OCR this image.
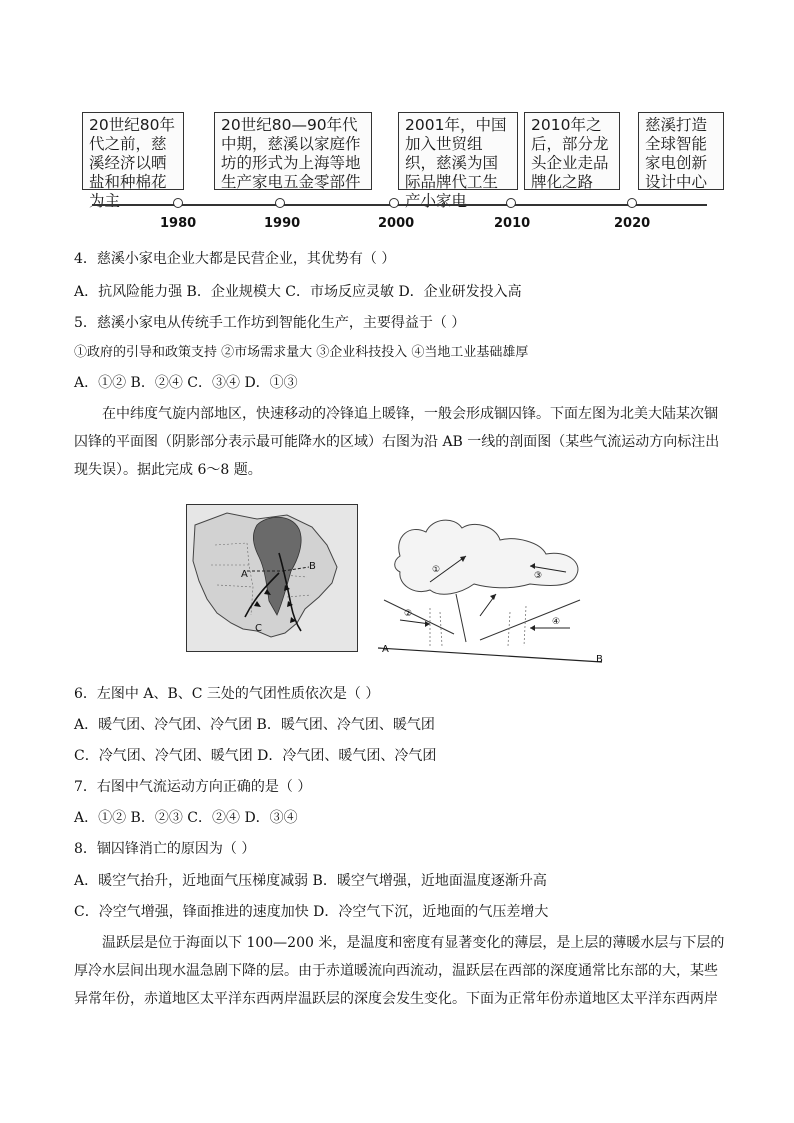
20世纪80年代之前，慈溪经济以晒盐和种棉花为主
20世纪80—90年代中期，慈溪以家庭作坊的形式为上海等地生产家电五金零部件
2001年，中国加入世贸组织，慈溪为国际品牌代工生产小家电
2010年之后，部分龙头企业走品牌化之路
慈溪打造全球智能家电创新设计中心
1980	1990	2000	2010	2020
4．慈溪小家电企业大都是民营企业，其优势有（ ）
A．抗风险能力强 B．企业规模大 C．市场反应灵敏 D．企业研发投入高
5．慈溪小家电从传统手工作坊到智能化生产，主要得益于（ ）
①政府的引导和政策支持 ②市场需求量大 ③企业科技投入 ④当地工业基础雄厚
A．①② B．②④ C．③④ D．①③
在中纬度气旋内部地区，快速移动的冷锋追上暖锋，一般会形成锢囚锋。下面左图为北美大陆某次锢囚锋的平面图（阴影部分表示最可能降水的区域）右图为沿 AB 一线的剖面图（某些气流运动方向标注出现失误）。据此完成 6～8 题。
A
B
C
①
②
③
④
A
B
6．左图中 A、B、C 三处的气团性质依次是（ ）
A．暖气团、冷气团、冷气团 B．暖气团、冷气团、暖气团
C．冷气团、冷气团、暖气团 D．冷气团、暖气团、冷气团
7．右图中气流运动方向正确的是（ ）
A．①② B．②③ C．②④ D．③④
8．锢囚锋消亡的原因为（ ）
A．暖空气抬升，近地面气压梯度减弱 B．暖空气增强，近地面温度逐渐升高
C．冷空气增强，锋面推进的速度加快 D．冷空气下沉，近地面的气压差增大
温跃层是位于海面以下 100—200 米，是温度和密度有显著变化的薄层，是上层的薄暖水层与下层的厚冷水层间出现水温急剧下降的层。由于赤道暖流向西流动，温跃层在西部的深度通常比东部的大，某些异常年份，赤道地区太平洋东西两岸温跃层的深度会发生变化。下面为正常年份赤道地区太平洋东西两岸
